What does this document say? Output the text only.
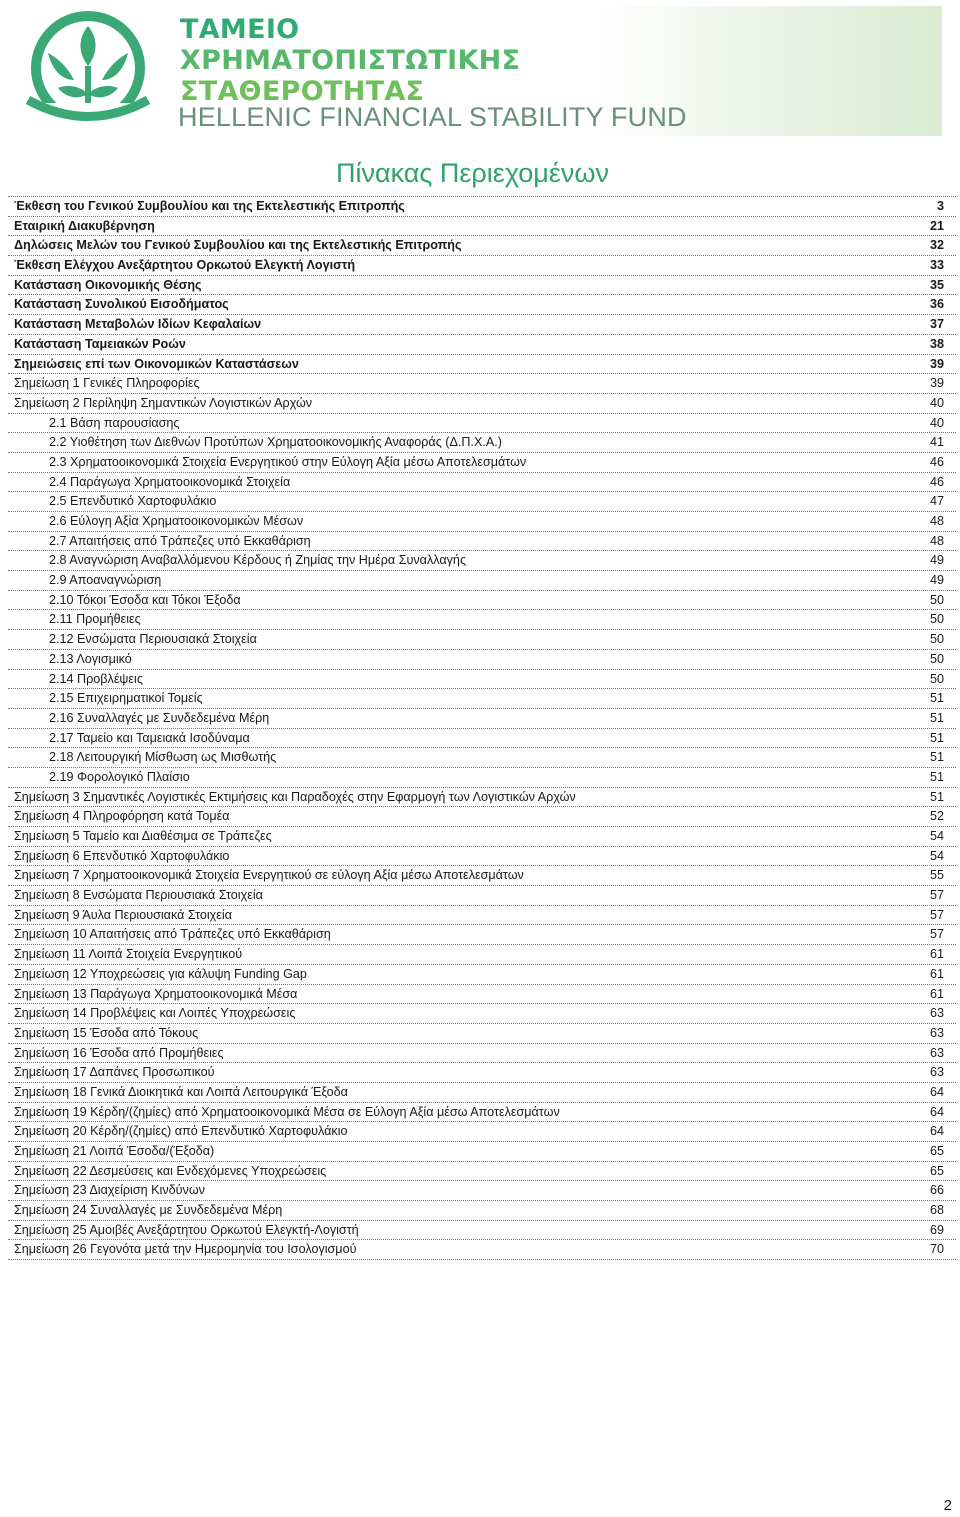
ΤΑΜΕΙΟ
ΧΡΗΜΑΤΟΠΙΣΤΩΤΙΚΗΣ
ΣΤΑΘΕΡΟΤΗΤΑΣ
HELLENIC FINANCIAL STABILITY FUND
Πίνακας Περιεχομένων
Έκθεση του Γενικού Συμβουλίου και της Εκτελεστικής Επιτροπής	3
Εταιρική Διακυβέρνηση	21
Δηλώσεις Μελών του Γενικού Συμβουλίου και της Εκτελεστικής Επιτροπής	32
Έκθεση Ελέγχου Ανεξάρτητου Ορκωτού Ελεγκτή Λογιστή	33
Κατάσταση Οικονομικής Θέσης	35
Κατάσταση Συνολικού Εισοδήματος	36
Κατάσταση Μεταβολών Ιδίων Κεφαλαίων	37
Κατάσταση Ταμειακών Ροών	38
Σημειώσεις επί των Οικονομικών Καταστάσεων	39
Σημείωση 1 Γενικές Πληροφορίες	39
Σημείωση 2 Περίληψη Σημαντικών Λογιστικών Αρχών	40
2.1 Βάση παρουσίασης	40
2.2 Υιοθέτηση των Διεθνών Προτύπων Χρηματοοικονομικής Αναφοράς (Δ.Π.Χ.Α.)	41
2.3 Χρηματοοικονομικά Στοιχεία Ενεργητικού στην Εύλογη Αξία μέσω Αποτελεσμάτων	46
2.4 Παράγωγα Χρηματοοικονομικά Στοιχεία	46
2.5 Επενδυτικό Χαρτοφυλάκιο	47
2.6 Εύλογη Αξία Χρηματοοικονομικών Μέσων	48
2.7 Απαιτήσεις από Τράπεζες υπό Εκκαθάριση	48
2.8 Αναγνώριση Αναβαλλόμενου Κέρδους ή Ζημίας την Ημέρα Συναλλαγής	49
2.9 Αποαναγνώριση	49
2.10 Τόκοι Έσοδα και Τόκοι Έξοδα	50
2.11 Προμήθειες	50
2.12 Ενσώματα Περιουσιακά Στοιχεία	50
2.13 Λογισμικό	50
2.14 Προβλέψεις	50
2.15 Επιχειρηματικοί Τομείς	51
2.16 Συναλλαγές με Συνδεδεμένα Μέρη	51
2.17 Ταμείο και Ταμειακά Ισοδύναμα	51
2.18 Λειτουργική Μίσθωση ως Μισθωτής	51
2.19 Φορολογικό Πλαίσιο	51
Σημείωση 3 Σημαντικές Λογιστικές Εκτιμήσεις και Παραδοχές στην Εφαρμογή των Λογιστικών Αρχών	51
Σημείωση 4 Πληροφόρηση κατά Τομέα	52
Σημείωση 5 Ταμείο και Διαθέσιμα σε Τράπεζες	54
Σημείωση 6 Επενδυτικό Χαρτοφυλάκιο	54
Σημείωση 7 Χρηματοοικονομικά Στοιχεία Ενεργητικού σε εύλογη Αξία μέσω Αποτελεσμάτων	55
Σημείωση 8 Ενσώματα Περιουσιακά Στοιχεία	57
Σημείωση 9 Άυλα Περιουσιακά Στοιχεία	57
Σημείωση 10 Απαιτήσεις από Τράπεζες υπό Εκκαθάριση	57
Σημείωση 11 Λοιπά Στοιχεία Ενεργητικού	61
Σημείωση 12 Υποχρεώσεις για κάλυψη Funding Gap	61
Σημείωση 13 Παράγωγα Χρηματοοικονομικά Μέσα	61
Σημείωση 14 Προβλέψεις και Λοιπές Υποχρεώσεις	63
Σημείωση 15 Έσοδα από Τόκους	63
Σημείωση 16 Έσοδα από Προμήθειες	63
Σημείωση 17 Δαπάνες Προσωπικού	63
Σημείωση 18 Γενικά Διοικητικά και Λοιπά Λειτουργικά Έξοδα	64
Σημείωση 19 Κέρδη/(ζημίες) από Χρηματοοικονομικά Μέσα σε Εύλογη Αξία μέσω Αποτελεσμάτων	64
Σημείωση 20 Κέρδη/(ζημίες) από Επενδυτικό Χαρτοφυλάκιο	64
Σημείωση 21 Λοιπά Έσοδα/(Έξοδα)	65
Σημείωση 22 Δεσμεύσεις και Ενδεχόμενες Υποχρεώσεις	65
Σημείωση 23 Διαχείριση Κινδύνων	66
Σημείωση 24 Συναλλαγές με Συνδεδεμένα Μέρη	68
Σημείωση 25 Αμοιβές Ανεξάρτητου Ορκωτού Ελεγκτή-Λογιστή	69
Σημείωση 26 Γεγονότα μετά την Ημερομηνία του Ισολογισμού	70
2
